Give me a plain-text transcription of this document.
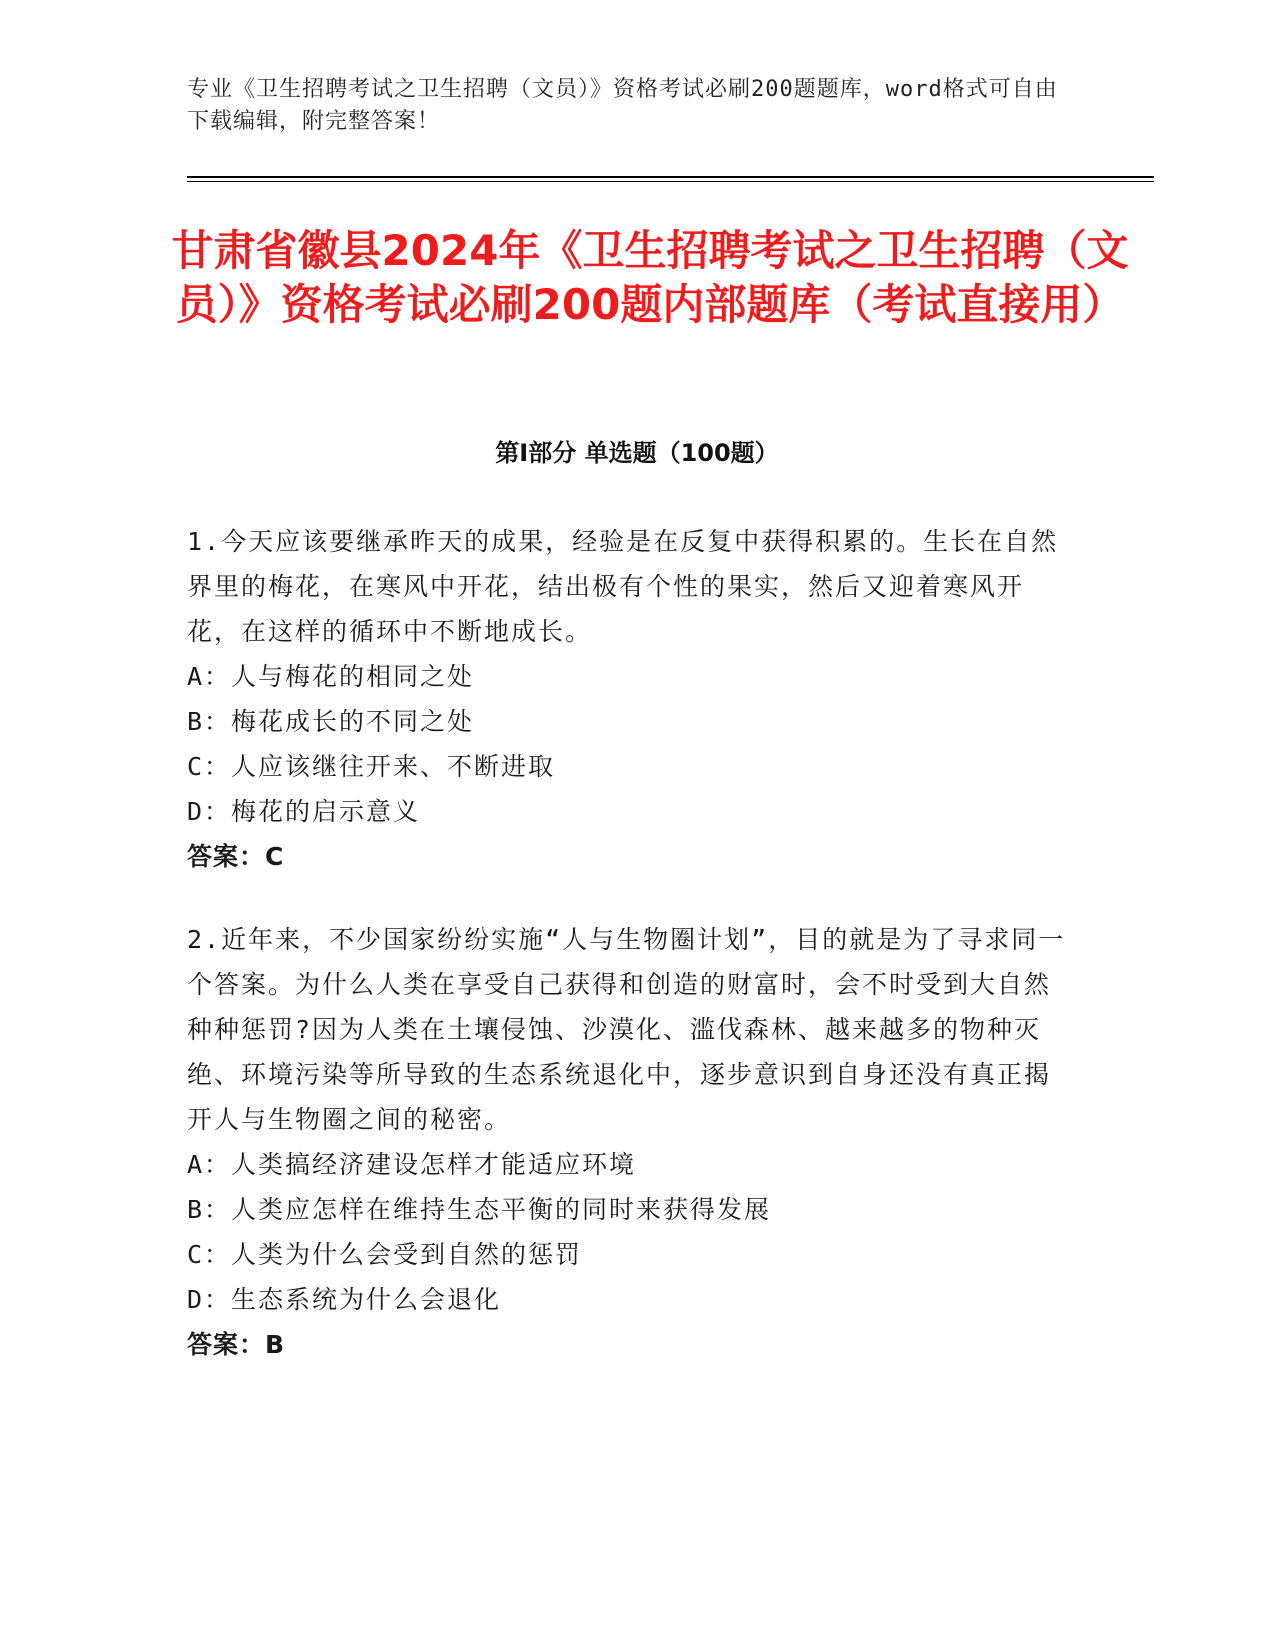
专业《卫生招聘考试之卫生招聘（文员）》资格考试必刷200题题库，word格式可自由下载编辑，附完整答案！
甘肃省徽县2024年《卫生招聘考试之卫生招聘（文员）》资格考试必刷200题内部题库（考试直接用）
第Ⅰ部分 单选题（100题）
1.今天应该要继承昨天的成果，经验是在反复中获得积累的。生长在自然界里的梅花，在寒风中开花，结出极有个性的果实，然后又迎着寒风开花，在这样的循环中不断地成长。
A：人与梅花的相同之处
B：梅花成长的不同之处
C：人应该继往开来、不断进取
D：梅花的启示意义
答案：C
2.近年来，不少国家纷纷实施“人与生物圈计划”，目的就是为了寻求同一个答案。为什么人类在享受自己获得和创造的财富时，会不时受到大自然种种惩罚?因为人类在土壤侵蚀、沙漠化、滥伐森林、越来越多的物种灭绝、环境污染等所导致的生态系统退化中，逐步意识到自身还没有真正揭开人与生物圈之间的秘密。
A：人类搞经济建设怎样才能适应环境
B：人类应怎样在维持生态平衡的同时来获得发展
C：人类为什么会受到自然的惩罚
D：生态系统为什么会退化
答案：B
